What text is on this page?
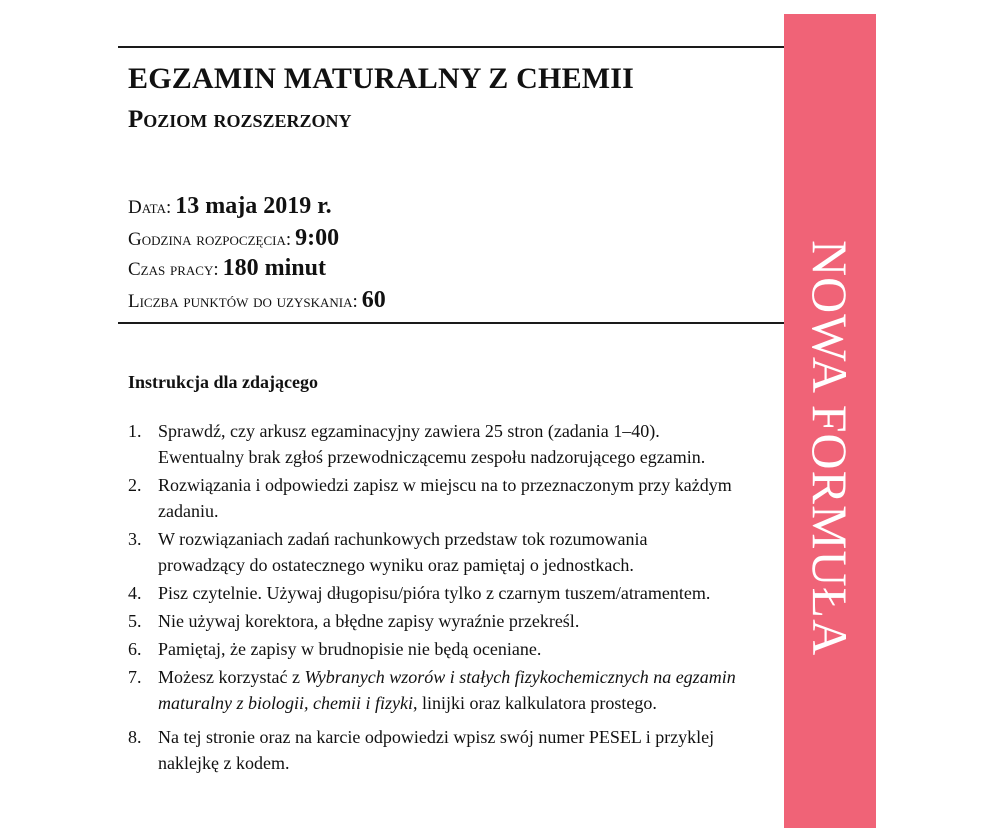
EGZAMIN MATURALNY Z CHEMII
Poziom rozszerzony
Data: 13 maja 2019 r.
Godzina rozpoczęcia: 9:00
Czas pracy: 180 minut
Liczba punktów do uzyskania: 60
Instrukcja dla zdającego
1. Sprawdź, czy arkusz egzaminacyjny zawiera 25 stron (zadania 1–40). Ewentualny brak zgłoś przewodniczącemu zespołu nadzorującego egzamin.
2. Rozwiązania i odpowiedzi zapisz w miejscu na to przeznaczonym przy każdym zadaniu.
3. W rozwiązaniach zadań rachunkowych przedstaw tok rozumowania prowadzący do ostatecznego wyniku oraz pamiętaj o jednostkach.
4. Pisz czytelnie. Używaj długopisu/pióra tylko z czarnym tuszem/atramentem.
5. Nie używaj korektora, a błędne zapisy wyraźnie przekreśl.
6. Pamiętaj, że zapisy w brudnopisie nie będą oceniane.
7. Możesz korzystać z Wybranych wzorów i stałych fizykochemicznych na egzamin maturalny z biologii, chemii i fizyki, linijki oraz kalkulatora prostego.
8. Na tej stronie oraz na karcie odpowiedzi wpisz swój numer PESEL i przyklej naklejkę z kodem.
NOWA FORMUŁA
